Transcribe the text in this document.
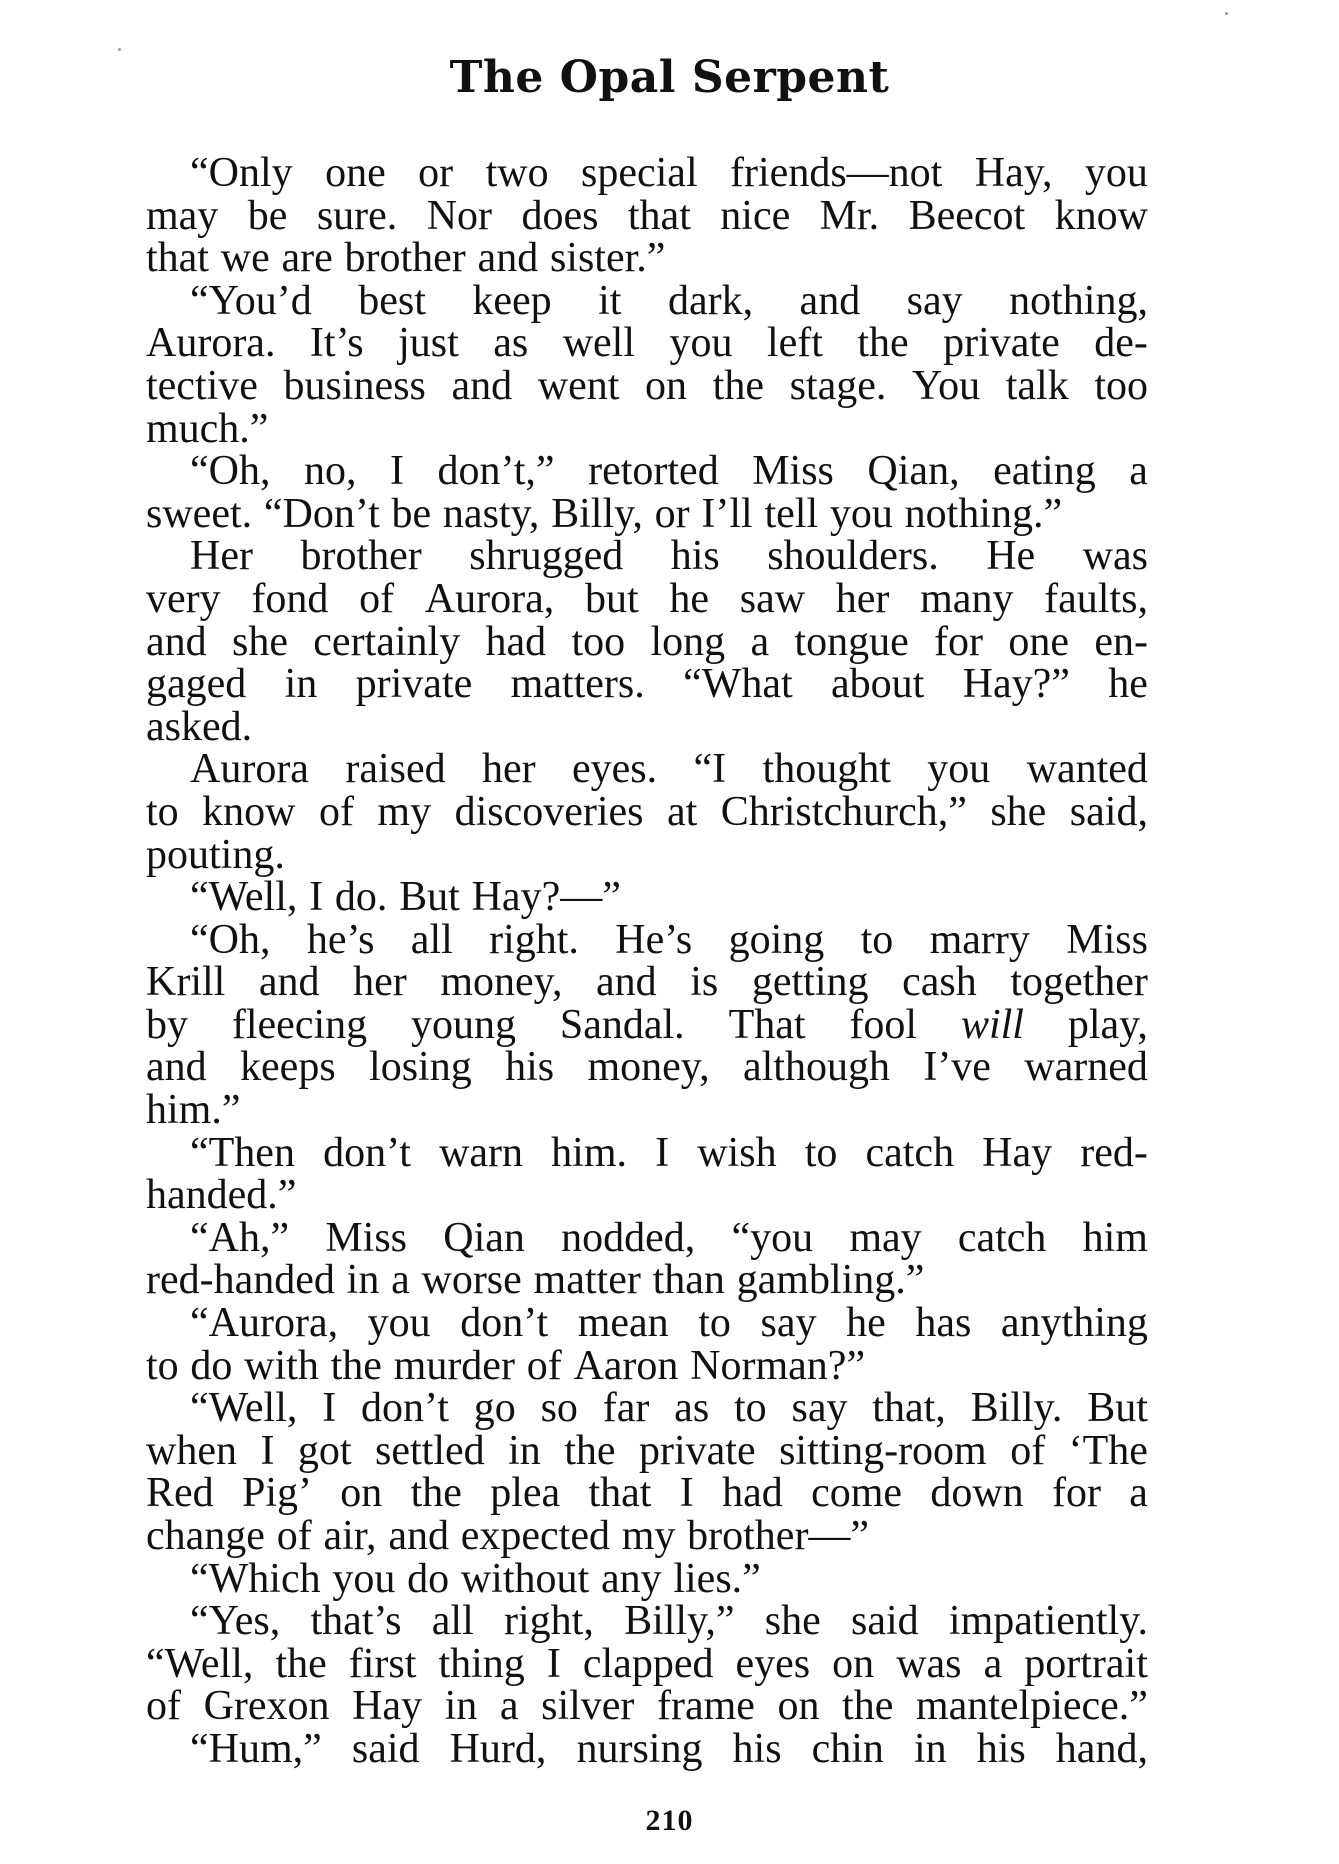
The Opal Serpent
“Only one or two special friends—not Hay, you
may be sure. Nor does that nice Mr. Beecot know
that we are brother and sister.”
“You’d best keep it dark, and say nothing,
Aurora. It’s just as well you left the private de-
tective business and went on the stage. You talk too
much.”
“Oh, no, I don’t,” retorted Miss Qian, eating a
sweet. “Don’t be nasty, Billy, or I’ll tell you nothing.”
Her brother shrugged his shoulders. He was
very fond of Aurora, but he saw her many faults,
and she certainly had too long a tongue for one en-
gaged in private matters. “What about Hay?” he
asked.
Aurora raised her eyes. “I thought you wanted
to know of my discoveries at Christchurch,” she said,
pouting.
“Well, I do. But Hay?—”
“Oh, he’s all right. He’s going to marry Miss
Krill and her money, and is getting cash together
by fleecing young Sandal. That fool will play,
and keeps losing his money, although I’ve warned
him.”
“Then don’t warn him. I wish to catch Hay red-
handed.”
“Ah,” Miss Qian nodded, “you may catch him
red-handed in a worse matter than gambling.”
“Aurora, you don’t mean to say he has anything
to do with the murder of Aaron Norman?”
“Well, I don’t go so far as to say that, Billy. But
when I got settled in the private sitting-room of ‘The
Red Pig’ on the plea that I had come down for a
change of air, and expected my brother—”
“Which you do without any lies.”
“Yes, that’s all right, Billy,” she said impatiently.
“Well, the first thing I clapped eyes on was a portrait
of Grexon Hay in a silver frame on the mantelpiece.”
“Hum,” said Hurd, nursing his chin in his hand,
210
